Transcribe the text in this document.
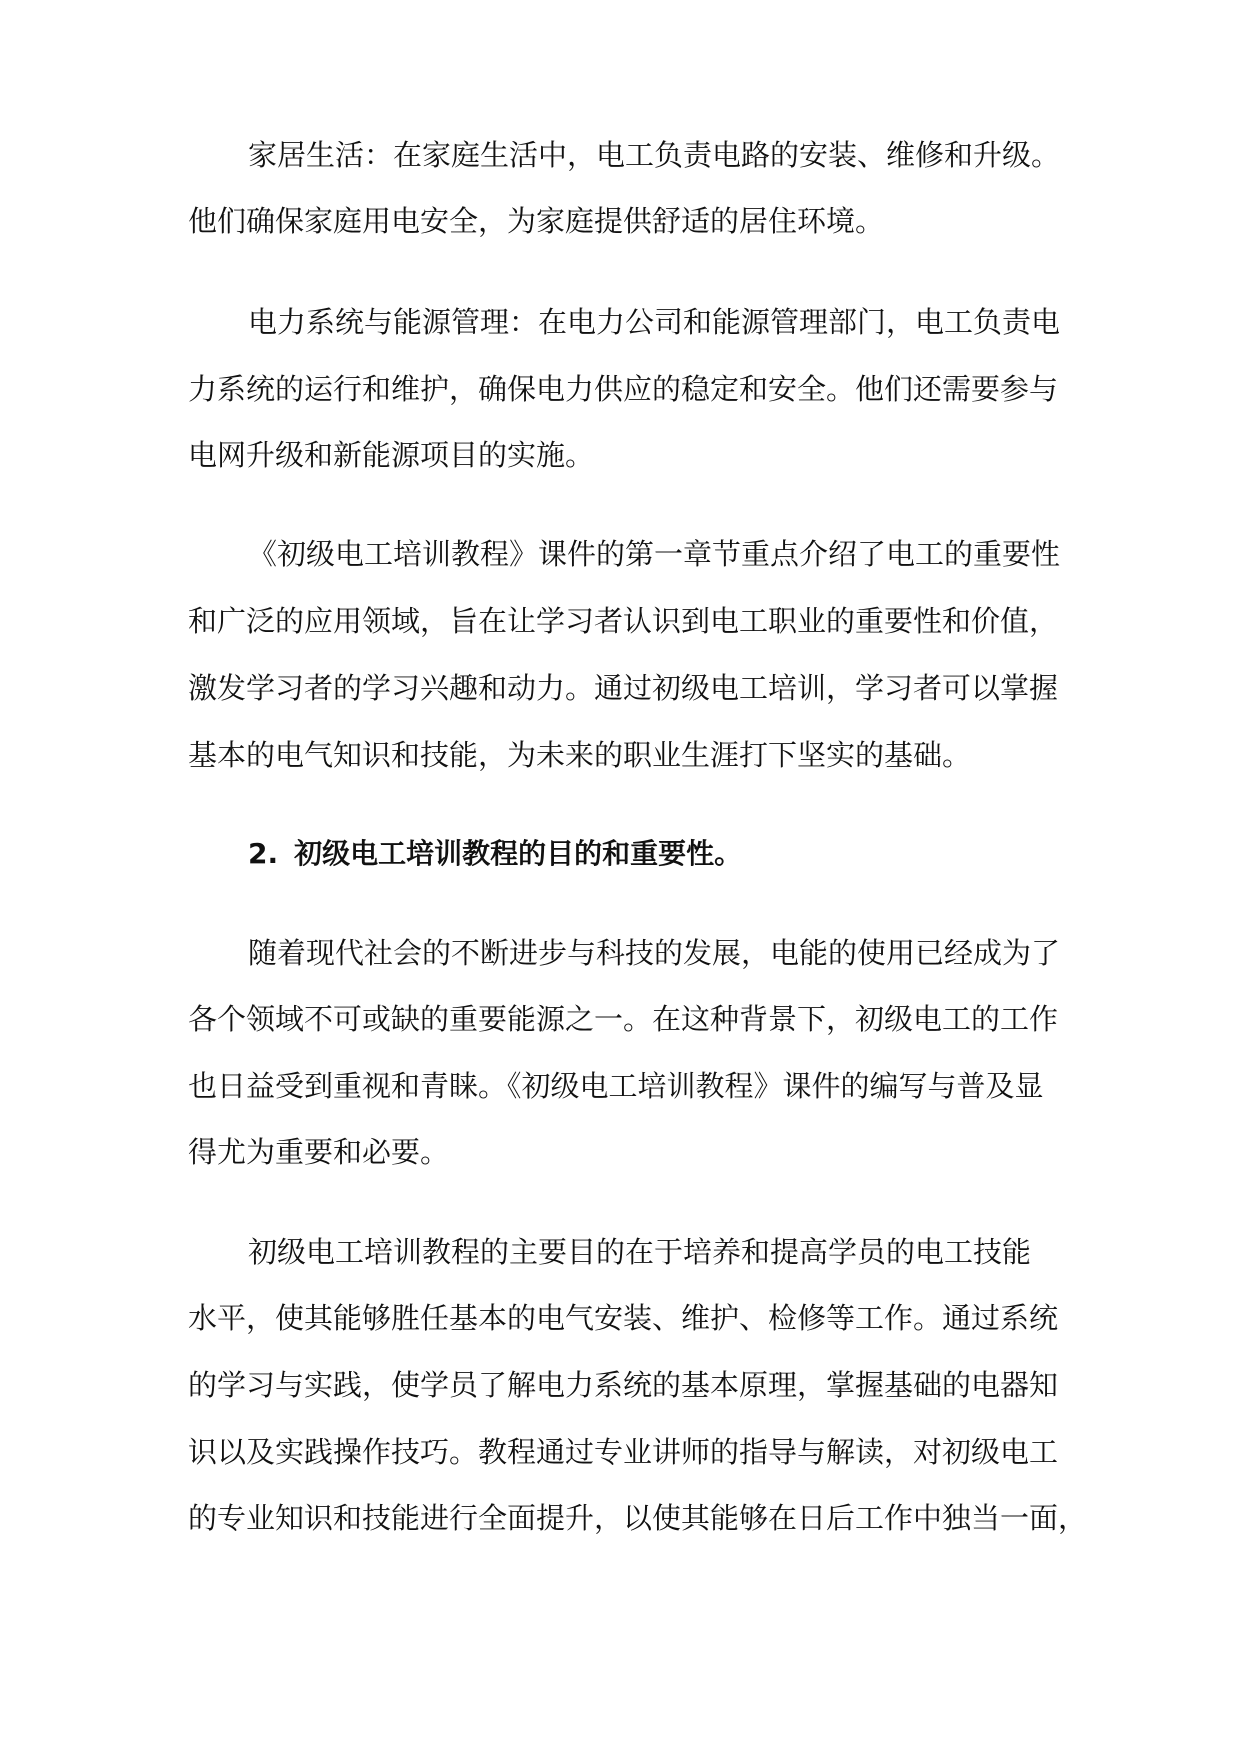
家居生活：在家庭生活中，电工负责电路的安装、维修和升级。

他们确保家庭用电安全，为家庭提供舒适的居住环境。

电力系统与能源管理：在电力公司和能源管理部门，电工负责电

力系统的运行和维护，确保电力供应的稳定和安全。他们还需要参与

电网升级和新能源项目的实施。

《初级电工培训教程》课件的第一章节重点介绍了电工的重要性

和广泛的应用领域，旨在让学习者认识到电工职业的重要性和价值，

激发学习者的学习兴趣和动力。通过初级电工培训，学习者可以掌握

基本的电气知识和技能，为未来的职业生涯打下坚实的基础。

2. 初级电工培训教程的目的和重要性。

随着现代社会的不断进步与科技的发展，电能的使用已经成为了

各个领域不可或缺的重要能源之一。在这种背景下，初级电工的工作

也日益受到重视和青睐。《初级电工培训教程》课件的编写与普及显

得尤为重要和必要。

初级电工培训教程的主要目的在于培养和提高学员的电工技能

水平，使其能够胜任基本的电气安装、维护、检修等工作。通过系统

的学习与实践，使学员了解电力系统的基本原理，掌握基础的电器知

识以及实践操作技巧。教程通过专业讲师的指导与解读，对初级电工

的专业知识和技能进行全面提升，以使其能够在日后工作中独当一面，
